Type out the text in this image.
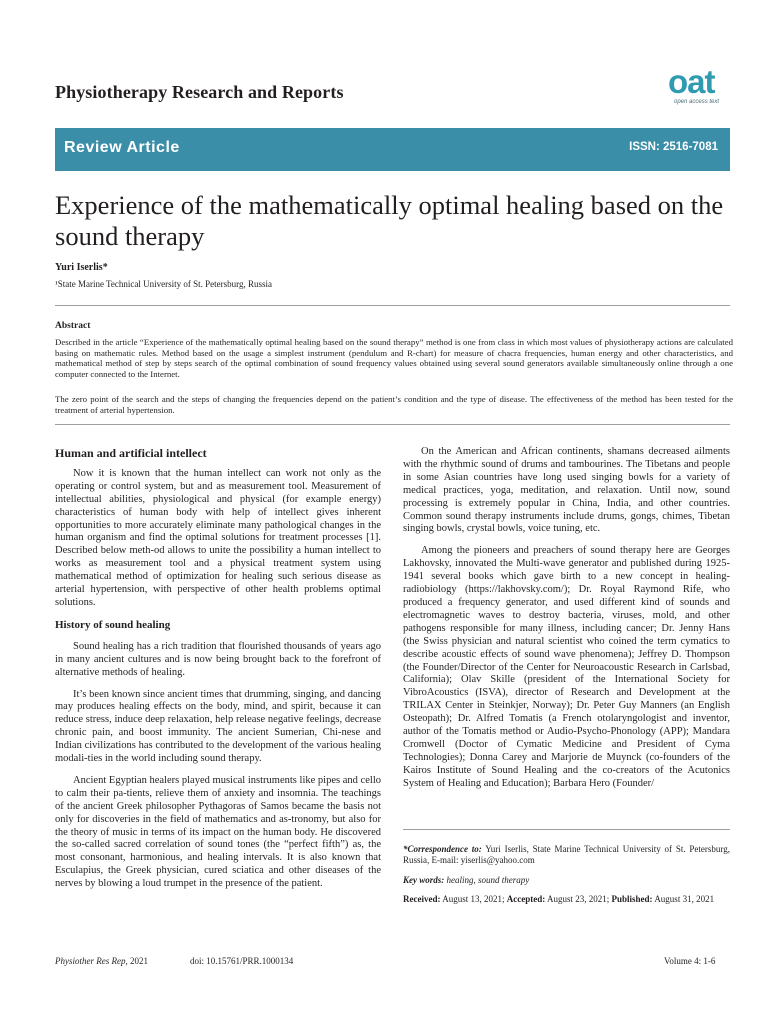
Physiotherapy Research and Reports	oat
open access text
Review Article	ISSN: 2516-7081
Experience of the mathematically optimal healing based on the sound therapy
Yuri Iserlis*
¹State Marine Technical University of St. Petersburg, Russia
Abstract

Described in the article “Experience of the mathematically optimal healing based on the sound therapy” method is one from class in which most values of physiotherapy actions are calculated basing on mathematic rules. Method based on the usage a simplest instrument (pendulum and R-chart) for measure of chacra frequencies, human energy and other characteristics, and mathematical method of step by steps search of the optimal combination of sound frequency values obtained using several sound generators available simultaneously online through a one computer connected to the Internet.

The zero point of the search and the steps of changing the frequencies depend on the patient’s condition and the type of disease. The effectiveness of the method has been tested for the treatment of arterial hypertension.

Human and artificial intellect

Now it is known that the human intellect can work not only as the operating or control system, but and as measurement tool. Measurement of intellectual abilities, physiological and physical (for example energy) characteristics of human body with help of intellect gives inherent opportunities to more accurately eliminate many pathological changes in the human organism and find the optimal solutions for treatment processes [1]. Described below meth-od allows to unite the possibility a human intellect to works as measurement tool and a physical treatment system using mathematical method of optimization for healing such serious disease as arterial hypertension, with perspective of other health problems optimal solutions.

History of sound healing

Sound healing has a rich tradition that flourished thousands of years ago in many ancient cultures and is now being brought back to the forefront of alternative methods of healing.

It’s been known since ancient times that drumming, singing, and dancing may produces healing effects on the body, mind, and spirit, because it can reduce stress, induce deep relaxation, help release negative feelings, decrease chronic pain, and boost immunity. The ancient Sumerian, Chi-nese and Indian civilizations has contributed to the development of the various healing modali-ties in the world including sound therapy.

Ancient Egyptian healers played musical instruments like pipes and cello to calm their pa-tients, relieve them of anxiety and insomnia. The teachings of the ancient Greek philosopher Pythagoras of Samos became the basis not only for discoveries in the field of mathematics and as-tronomy, but also for the theory of music in terms of its impact on the human body. He discovered the so-called sacred correlation of sound tones (the “perfect fifth”) as, the most consonant, harmonious, and healing intervals. It is also known that Esculapius, the Greek physician, cured sciatica and other diseases of the nerves by blowing a loud trumpet in the presence of the patient.

On the American and African continents, shamans decreased ailments with the rhythmic sound of drums and tambourines. The Tibetans and people in some Asian countries have long used singing bowls for a variety of medical practices, yoga, meditation, and relaxation. Until now, sound processing is extremely popular in China, India, and other countries. Common sound therapy instruments include drums, gongs, chimes, Tibetan singing bowls, crystal bowls, voice tuning, etc.

Among the pioneers and preachers of sound therapy here are Georges Lakhovsky, innovated the Multi-wave generator and published during 1925-1941 several books which gave birth to a new concept in healing- radiobiology (https://lakhovsky.com/); Dr. Royal Raymond Rife, who produced a frequency generator, and used different kind of sounds and electromagnetic waves to destroy bacteria, viruses, mold, and other pathogens responsible for many illness, including cancer; Dr. Jenny Hans (the Swiss physician and natural scientist who coined the term cymatics to describe acoustic effects of sound wave phenomena); Jeffrey D. Thompson (the Founder/Director of the Center for Neuroacoustic Research in Carlsbad, California); Olav Skille (president of the International Society for VibroAcoustics (ISVA), director of Research and Development at the TRILAX Center in Steinkjer, Norway); Dr. Peter Guy Manners (an English Osteopath); Dr. Alfred Tomatis (a French otolaryngologist and inventor, author of the Tomatis method or Audio-Psycho-Phonology (APP); Mandara Cromwell (Doctor of Cymatic Medicine and President of Cyma Technologies); Donna Carey and Marjorie de Muynck (co-founders of the Kairos Institute of Sound Healing and the co-creators of the Acutonics System of Healing and Education); Barbara Hero (Founder/

*Correspondence to: Yuri Iserlis, State Marine Technical University of St. Petersburg, Russia, E-mail: yiserlis@yahoo.com
Key words: healing, sound therapy
Received: August 13, 2021; Accepted: August 23, 2021; Published: August 31, 2021
Physiother Res Rep, 2021	doi: 10.15761/PRR.1000134	Volume 4: 1-6
